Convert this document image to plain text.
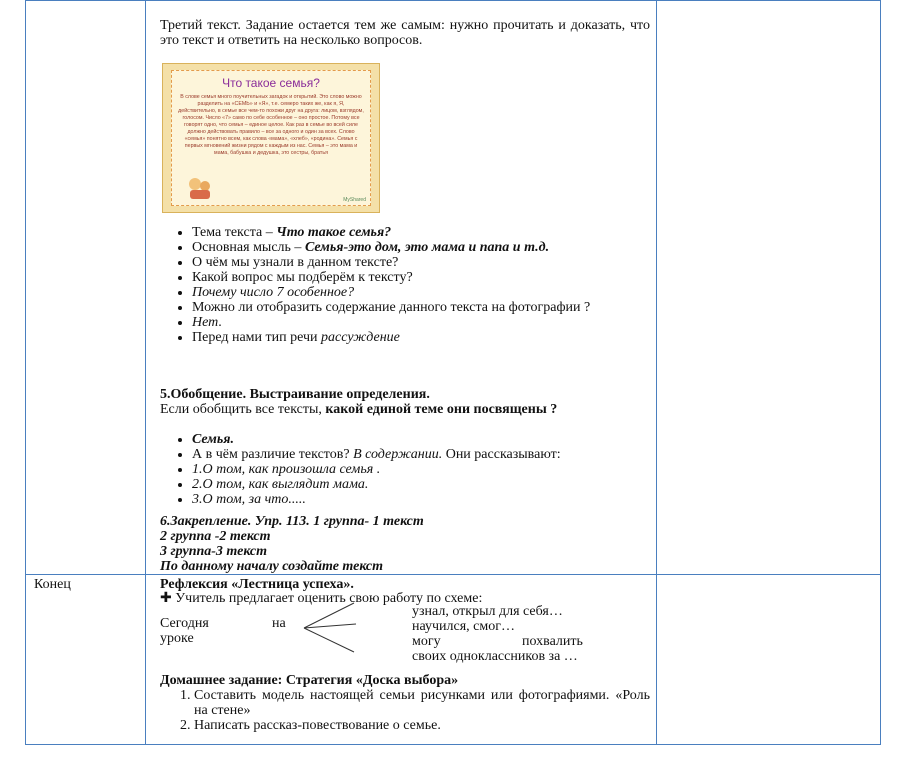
Третий текст. Задание остается тем же самым: нужно прочитать и доказать, что это текст и ответить на несколько вопросов.
Что такое семья?
В слове семья много поучительных загадок и открытий. Это слово можно разделить на «СЕМЬ» и «Я», т.е. семеро таких же, как я, Я, действительно, в семье все чем-то похожи друг на друга: лицом, взглядом, голосом. Число «7» само по себе особенное – оно простое. Потому все говорят одно, что семья – единое целое. Как раз в семье во всей силе должно действовать правило – все за одного и один за всех. Слово «семья» понятно всем, как слова «мама», «хлеб», «родина». Семья с первых мгновений жизни рядом с каждым из нас. Семья – это мама и мама, бабушка и дедушка, это сестры, братья
MyShared
• Тема текста – Что такое семья?
• Основная мысль – Семья-это дом, это мама и папа и т.д.
• О чём мы узнали в данном тексте?
• Какой вопрос мы подберём к тексту?
• Почему число 7 особенное?
• Можно ли отобразить содержание данного текста на фотографии ?
• Нет.
• Перед нами тип речи рассуждение
5.Обобщение. Выстраивание определения.
Если обобщить все тексты, какой единой теме они посвящены ?
• Семья.
• А в чём различие текстов? В содержании. Они рассказывают:
• 1.О том, как произошла семья .
• 2.О том, как выглядит мама.
• 3.О том, за что.....
6.Закрепление. Упр. 113. 1 группа- 1 текст
2 группа -2 текст
3 группа-3 текст
По данному началу создайте текст
Конец	Рефлексия «Лестница успеха».
✚ Учитель предлагает оценить свою работу по схеме:
Сегодня	на
уроке
узнал, открыл для себя…
научился, смог…
могу	похвалить
своих одноклассников за …
Домашнее задание: Стратегия «Доска выбора»
1. Составить модель настоящей семьи рисунками или фотографиями. «Роль на стене»
2. Написать рассказ-повествование о семье.
